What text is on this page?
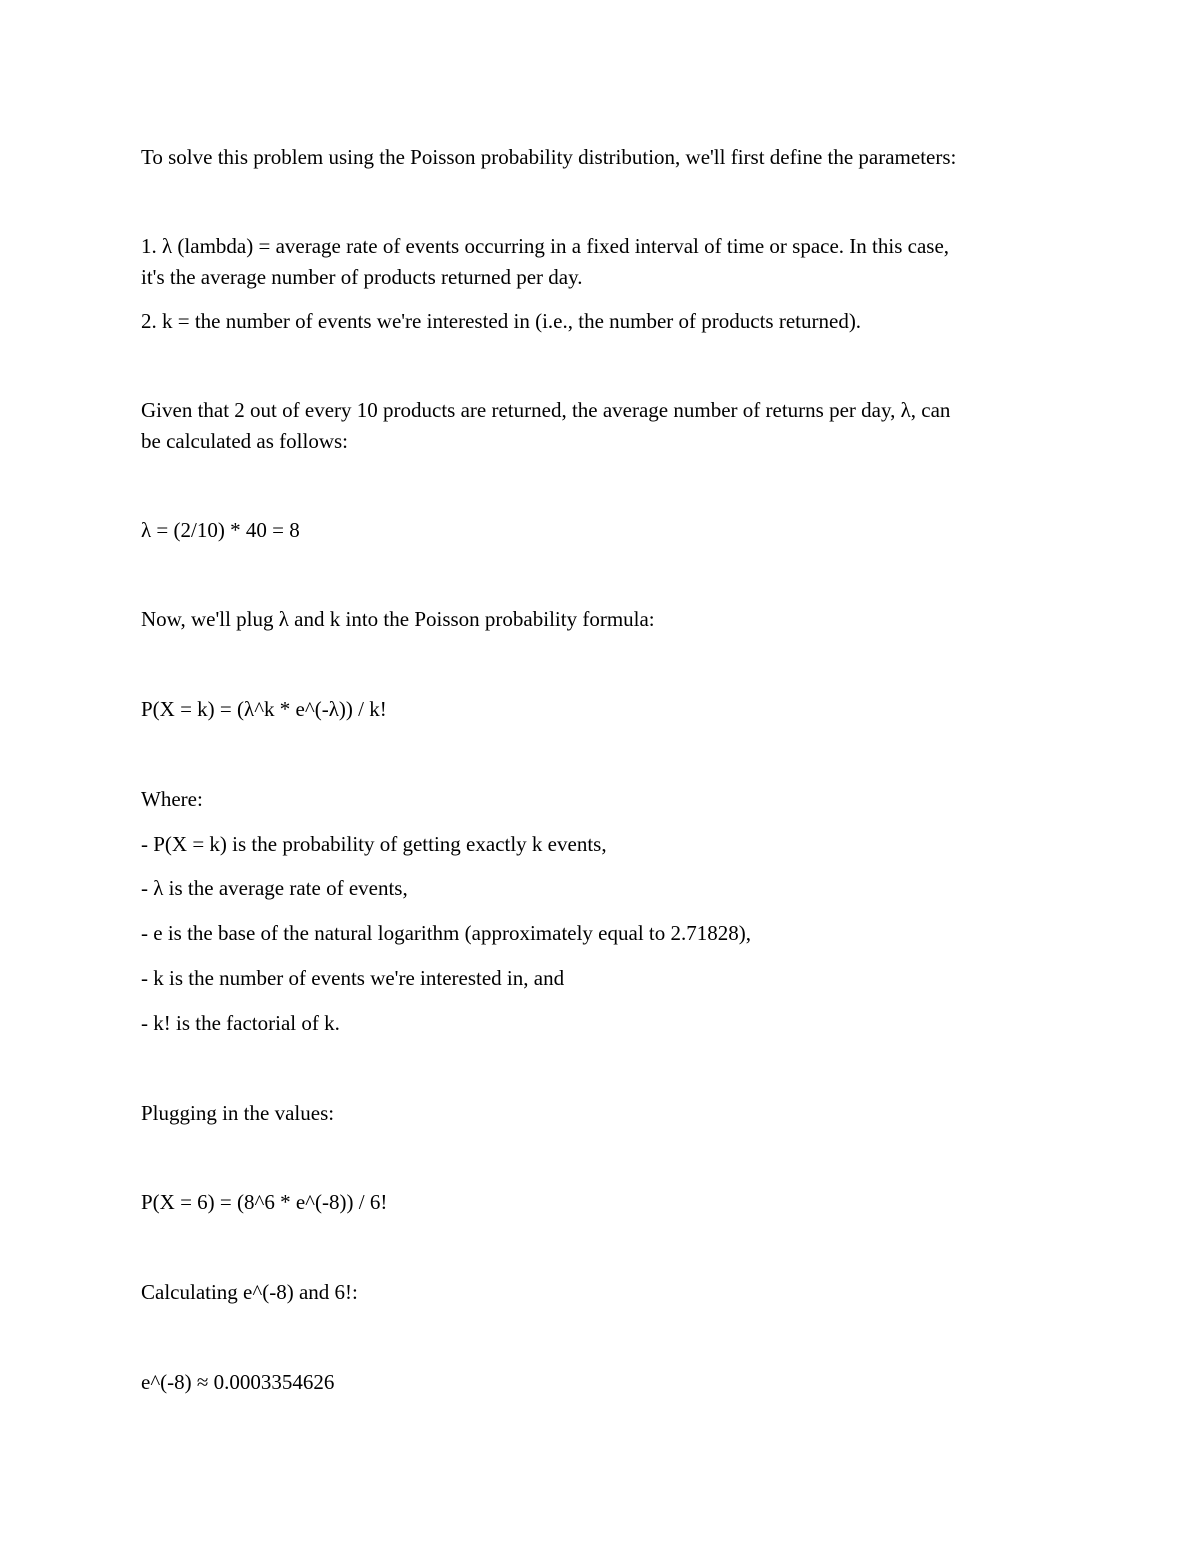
To solve this problem using the Poisson probability distribution, we'll first define the parameters:
1. λ (lambda) = average rate of events occurring in a fixed interval of time or space. In this case,
it's the average number of products returned per day.
2. k = the number of events we're interested in (i.e., the number of products returned).
Given that 2 out of every 10 products are returned, the average number of returns per day, λ, can
be calculated as follows:
λ = (2/10) * 40 = 8
Now, we'll plug λ and k into the Poisson probability formula:
P(X = k) = (λ^k * e^(-λ)) / k!
Where:
- P(X = k) is the probability of getting exactly k events,
- λ is the average rate of events,
- e is the base of the natural logarithm (approximately equal to 2.71828),
- k is the number of events we're interested in, and
- k! is the factorial of k.
Plugging in the values:
P(X = 6) = (8^6 * e^(-8)) / 6!
Calculating e^(-8) and 6!:
e^(-8) ≈ 0.0003354626
